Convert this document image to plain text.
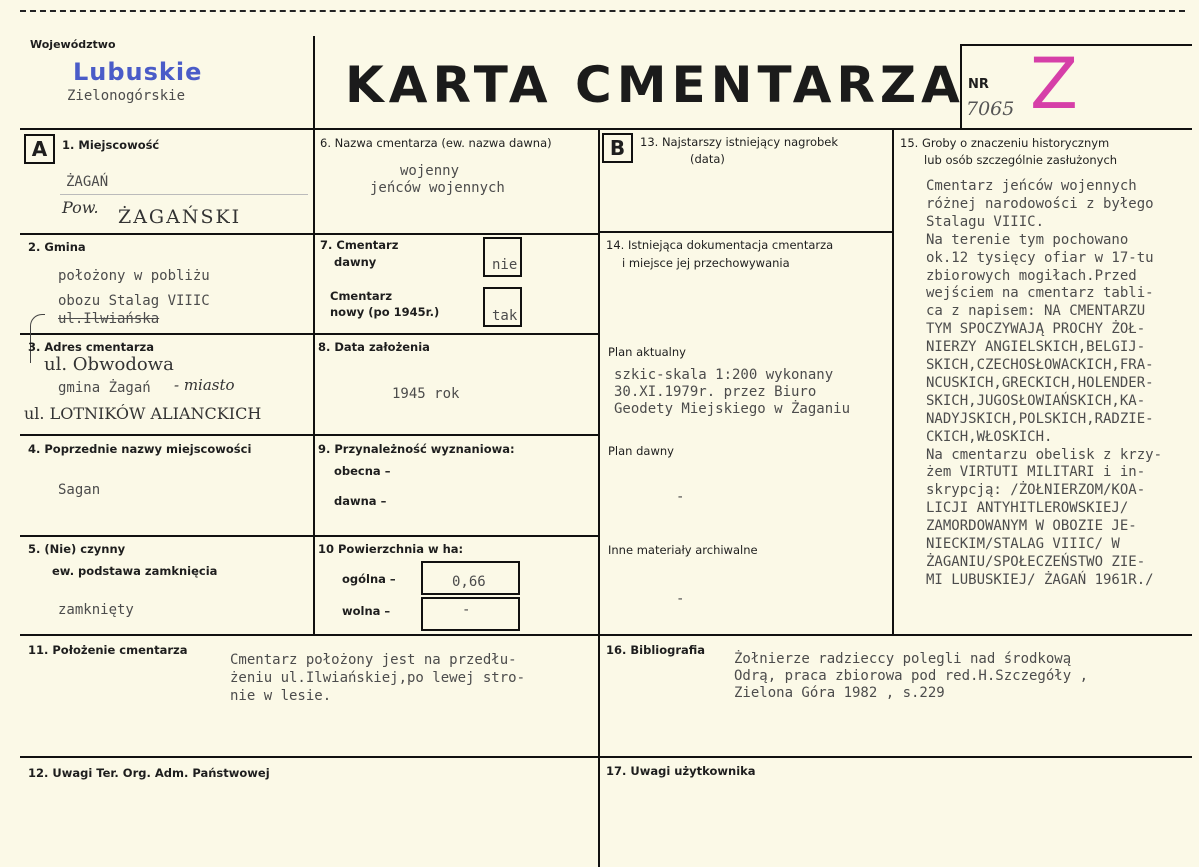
Województwo
Lubuskie
Zielonogórskie	KARTA CMENTARZA NR
7065 Z
A	B
1. Miejscowość
ŻAGAŃ
Pow. ŻAGAŃSKI
2. Gmina
położony w pobliżu
obozu Stalag VIIIC
ul.Ilwiańska
3. Adres cmentarza
ul. Obwodowa
gmina Żagań - miasto
ul. LOTNIKÓW ALIANCKICH
4. Poprzednie nazwy miejscowości
Sagan
5. (Nie) czynny
ew. podstawa zamknięcia
zamknięty
6. Nazwa cmentarza (ew. nazwa dawna)
wojenny
jeńców wojennych
7. Cmentarz
dawny	nie
Cmentarz
nowy (po 1945r.)	tak
8. Data założenia
1945 rok
9. Przynależność wyznaniowa:
obecna –
dawna –
10 Powierzchnia w ha:
ogólna –	0,66
wolna –	-
11. Położenie cmentarza
Cmentarz położony jest na przedłu-
żeniu ul.Ilwiańskiej,po lewej stro-
nie w lesie.
12. Uwagi Ter. Org. Adm. Państwowej
13. Najstarszy istniejący nagrobek
(data)
14. Istniejąca dokumentacja cmentarza
i miejsce jej przechowywania
Plan aktualny
szkic-skala 1:200 wykonany
30.XI.1979r. przez Biuro
Geodety Miejskiego w Żaganiu
Plan dawny
-
Inne materiały archiwalne
-
15. Groby o znaczeniu historycznym
lub osób szczególnie zasłużonych
Cmentarz jeńców wojennych
różnej narodowości z byłego
Stalagu VIIIC.
Na terenie tym pochowano
ok.12 tysięcy ofiar w 17-tu
zbiorowych mogiłach.Przed
wejściem na cmentarz tabli-
ca z napisem: NA CMENTARZU
TYM SPOCZYWAJĄ PROCHY ŻOŁ-
NIERZY ANGIELSKICH,BELGIJ-
SKICH,CZECHOSŁOWACKICH,FRA-
NCUSKICH,GRECKICH,HOLENDER-
SKICH,JUGOSŁOWIAŃSKICH,KA-
NADYJSKICH,POLSKICH,RADZIE-
CKICH,WŁOSKICH.
Na cmentarzu obelisk z krzy-
żem VIRTUTI MILITARI i in-
skrypcją: /ŻOŁNIERZOM/KOA-
LICJI ANTYHITLEROWSKIEJ/
ZAMORDOWANYM W OBOZIE JE-
NIECKIM/STALAG VIIIC/ W
ŻAGANIU/SPOŁECZEŃSTWO ZIE-
MI LUBUSKIEJ/ ŻAGAŃ 1961R./
16. Bibliografia
Żołnierze radzieccy polegli nad środkową
Odrą, praca zbiorowa pod red.H.Szczegóły ,
Zielona Góra 1982 , s.229
17. Uwagi użytkownika
